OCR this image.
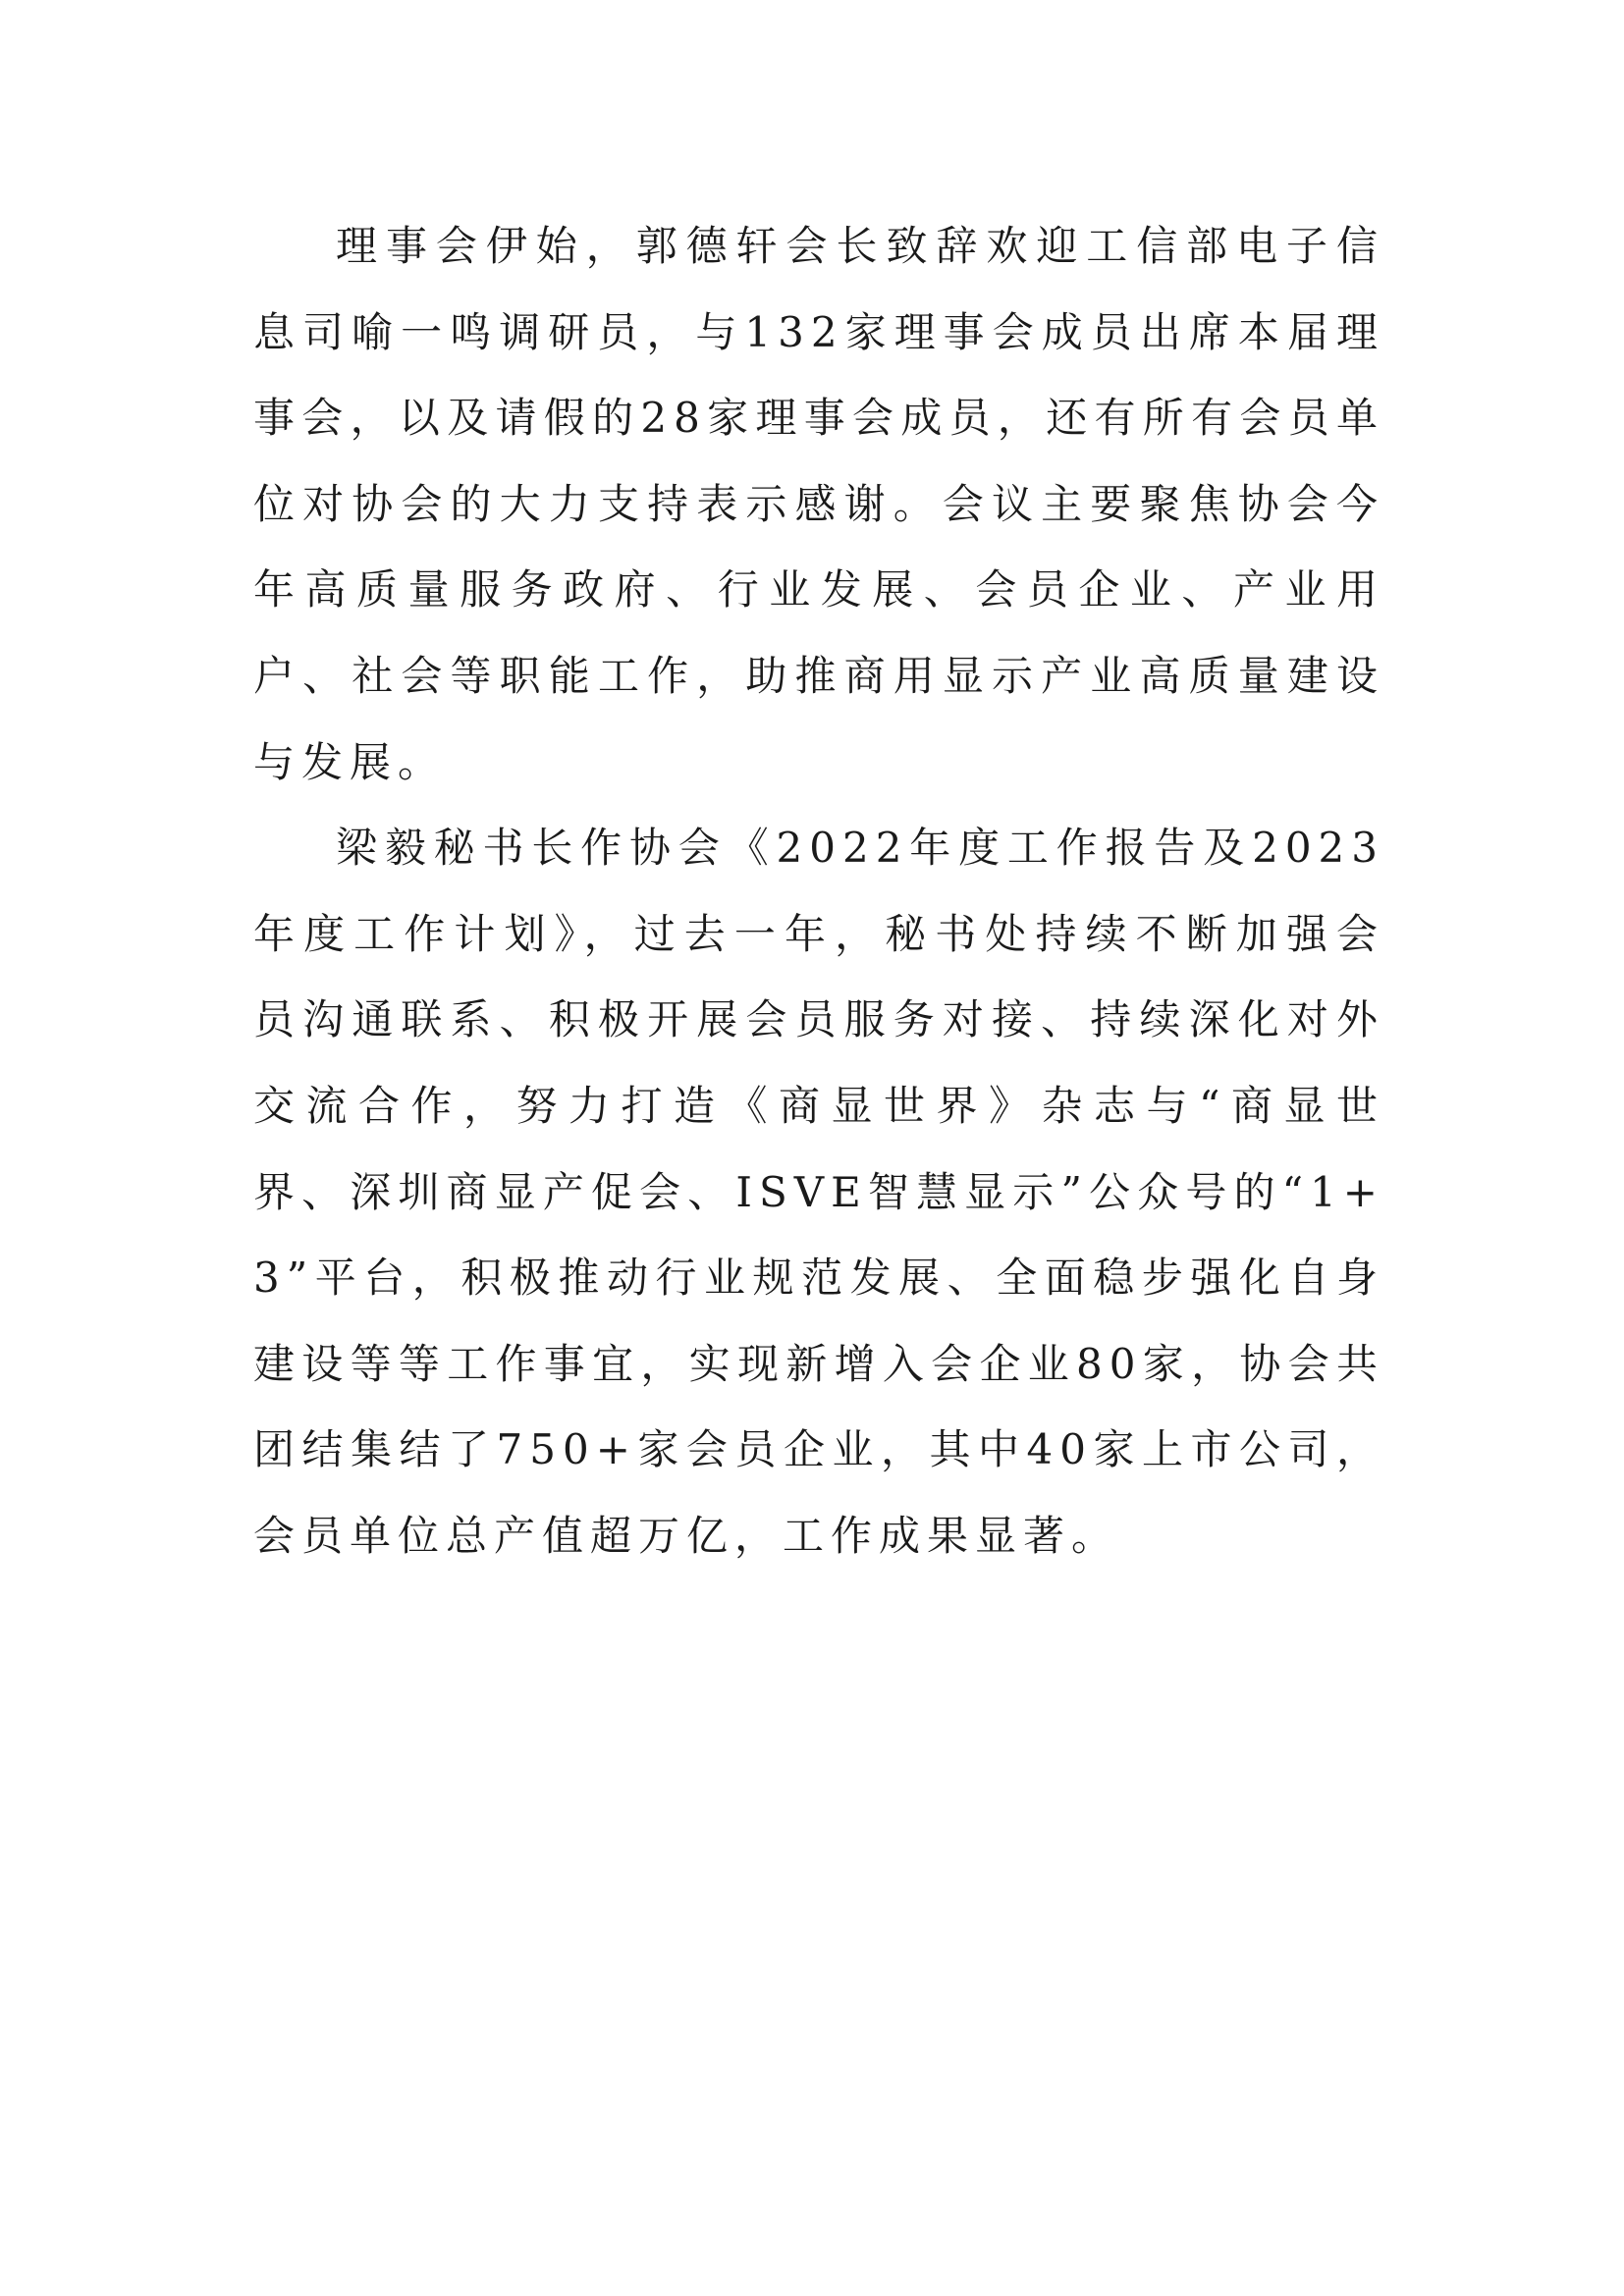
理事会伊始，郭德轩会长致辞欢迎工信部电子信息司喻一鸣调研员，与132家理事会成员出席本届理事会，以及请假的28家理事会成员，还有所有会员单位对协会的大力支持表示感谢。会议主要聚焦协会今年高质量服务政府、行业发展、会员企业、产业用户、社会等职能工作，助推商用显示产业高质量建设与发展。

梁毅秘书长作协会《2022年度工作报告及2023年度工作计划》，过去一年，秘书处持续不断加强会员沟通联系、积极开展会员服务对接、持续深化对外交流合作，努力打造《商显世界》杂志与“商显世界、深圳商显产促会、ISVE智慧显示”公众号的“1+3”平台，积极推动行业规范发展、全面稳步强化自身建设等等工作事宜，实现新增入会企业80家，协会共团结集结了750+家会员企业，其中40家上市公司，会员单位总产值超万亿，工作成果显著。
